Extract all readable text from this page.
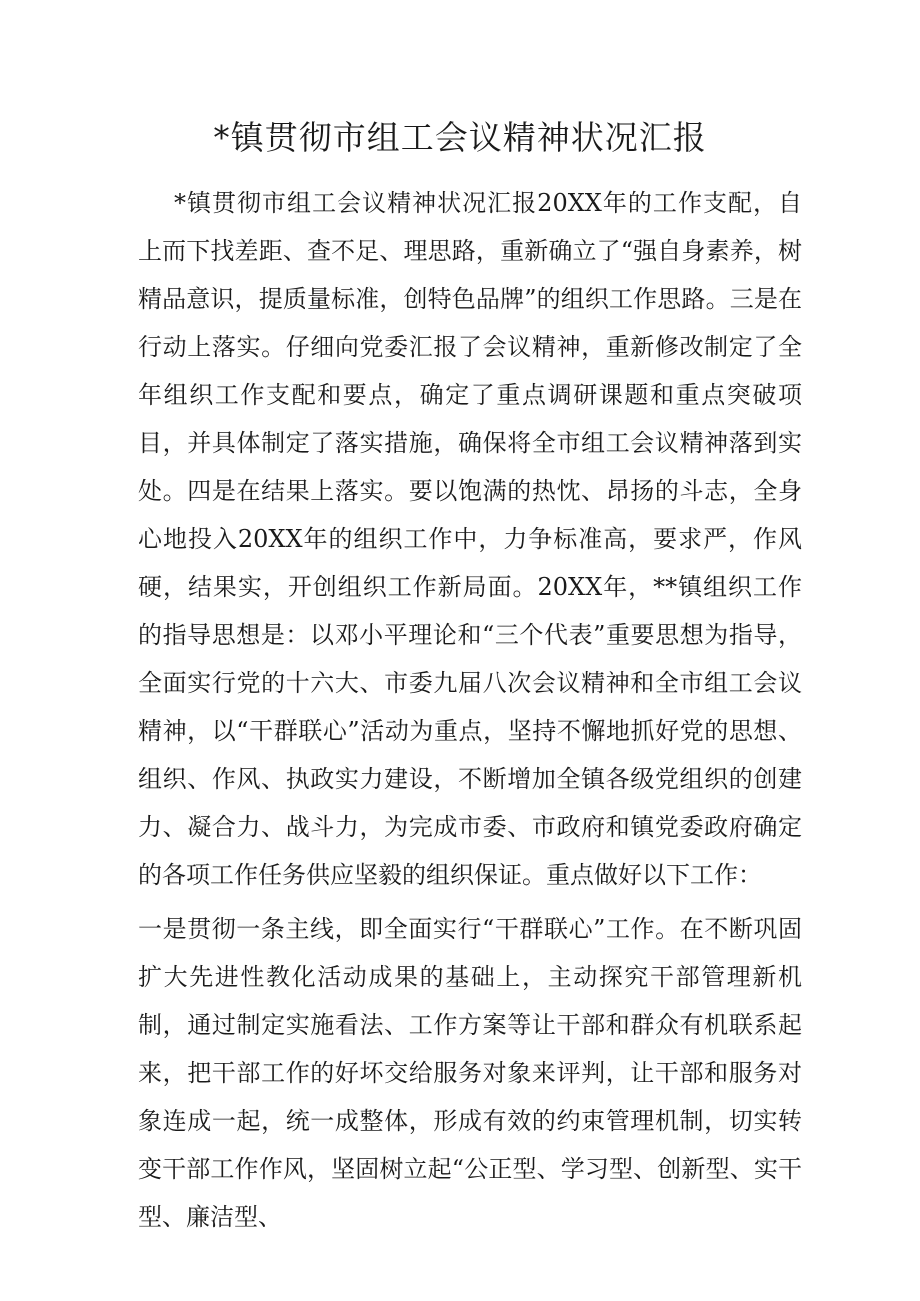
*镇贯彻市组工会议精神状况汇报

*镇贯彻市组工会议精神状况汇报20XX年的工作支配，自上而下找差距、查不足、理思路，重新确立了“强自身素养，树精品意识，提质量标准，创特色品牌”的组织工作思路。三是在行动上落实。仔细向党委汇报了会议精神，重新修改制定了全年组织工作支配和要点，确定了重点调研课题和重点突破项目，并具体制定了落实措施，确保将全市组工会议精神落到实处。四是在结果上落实。要以饱满的热忱、昂扬的斗志，全身心地投入20XX年的组织工作中，力争标准高，要求严，作风硬，结果实，开创组织工作新局面。20XX年，**镇组织工作的指导思想是：以邓小平理论和“三个代表”重要思想为指导，全面实行党的十六大、市委九届八次会议精神和全市组工会议精神，以“干群联心”活动为重点，坚持不懈地抓好党的思想、组织、作风、执政实力建设，不断增加全镇各级党组织的创建力、凝合力、战斗力，为完成市委、市政府和镇党委政府确定的各项工作任务供应坚毅的组织保证。重点做好以下工作：

一是贯彻一条主线，即全面实行“干群联心”工作。在不断巩固扩大先进性教化活动成果的基础上，主动探究干部管理新机制，通过制定实施看法、工作方案等让干部和群众有机联系起来，把干部工作的好坏交给服务对象来评判，让干部和服务对象连成一起，统一成整体，形成有效的约束管理机制，切实转变干部工作作风，坚固树立起“公正型、学习型、创新型、实干型、廉洁型、
